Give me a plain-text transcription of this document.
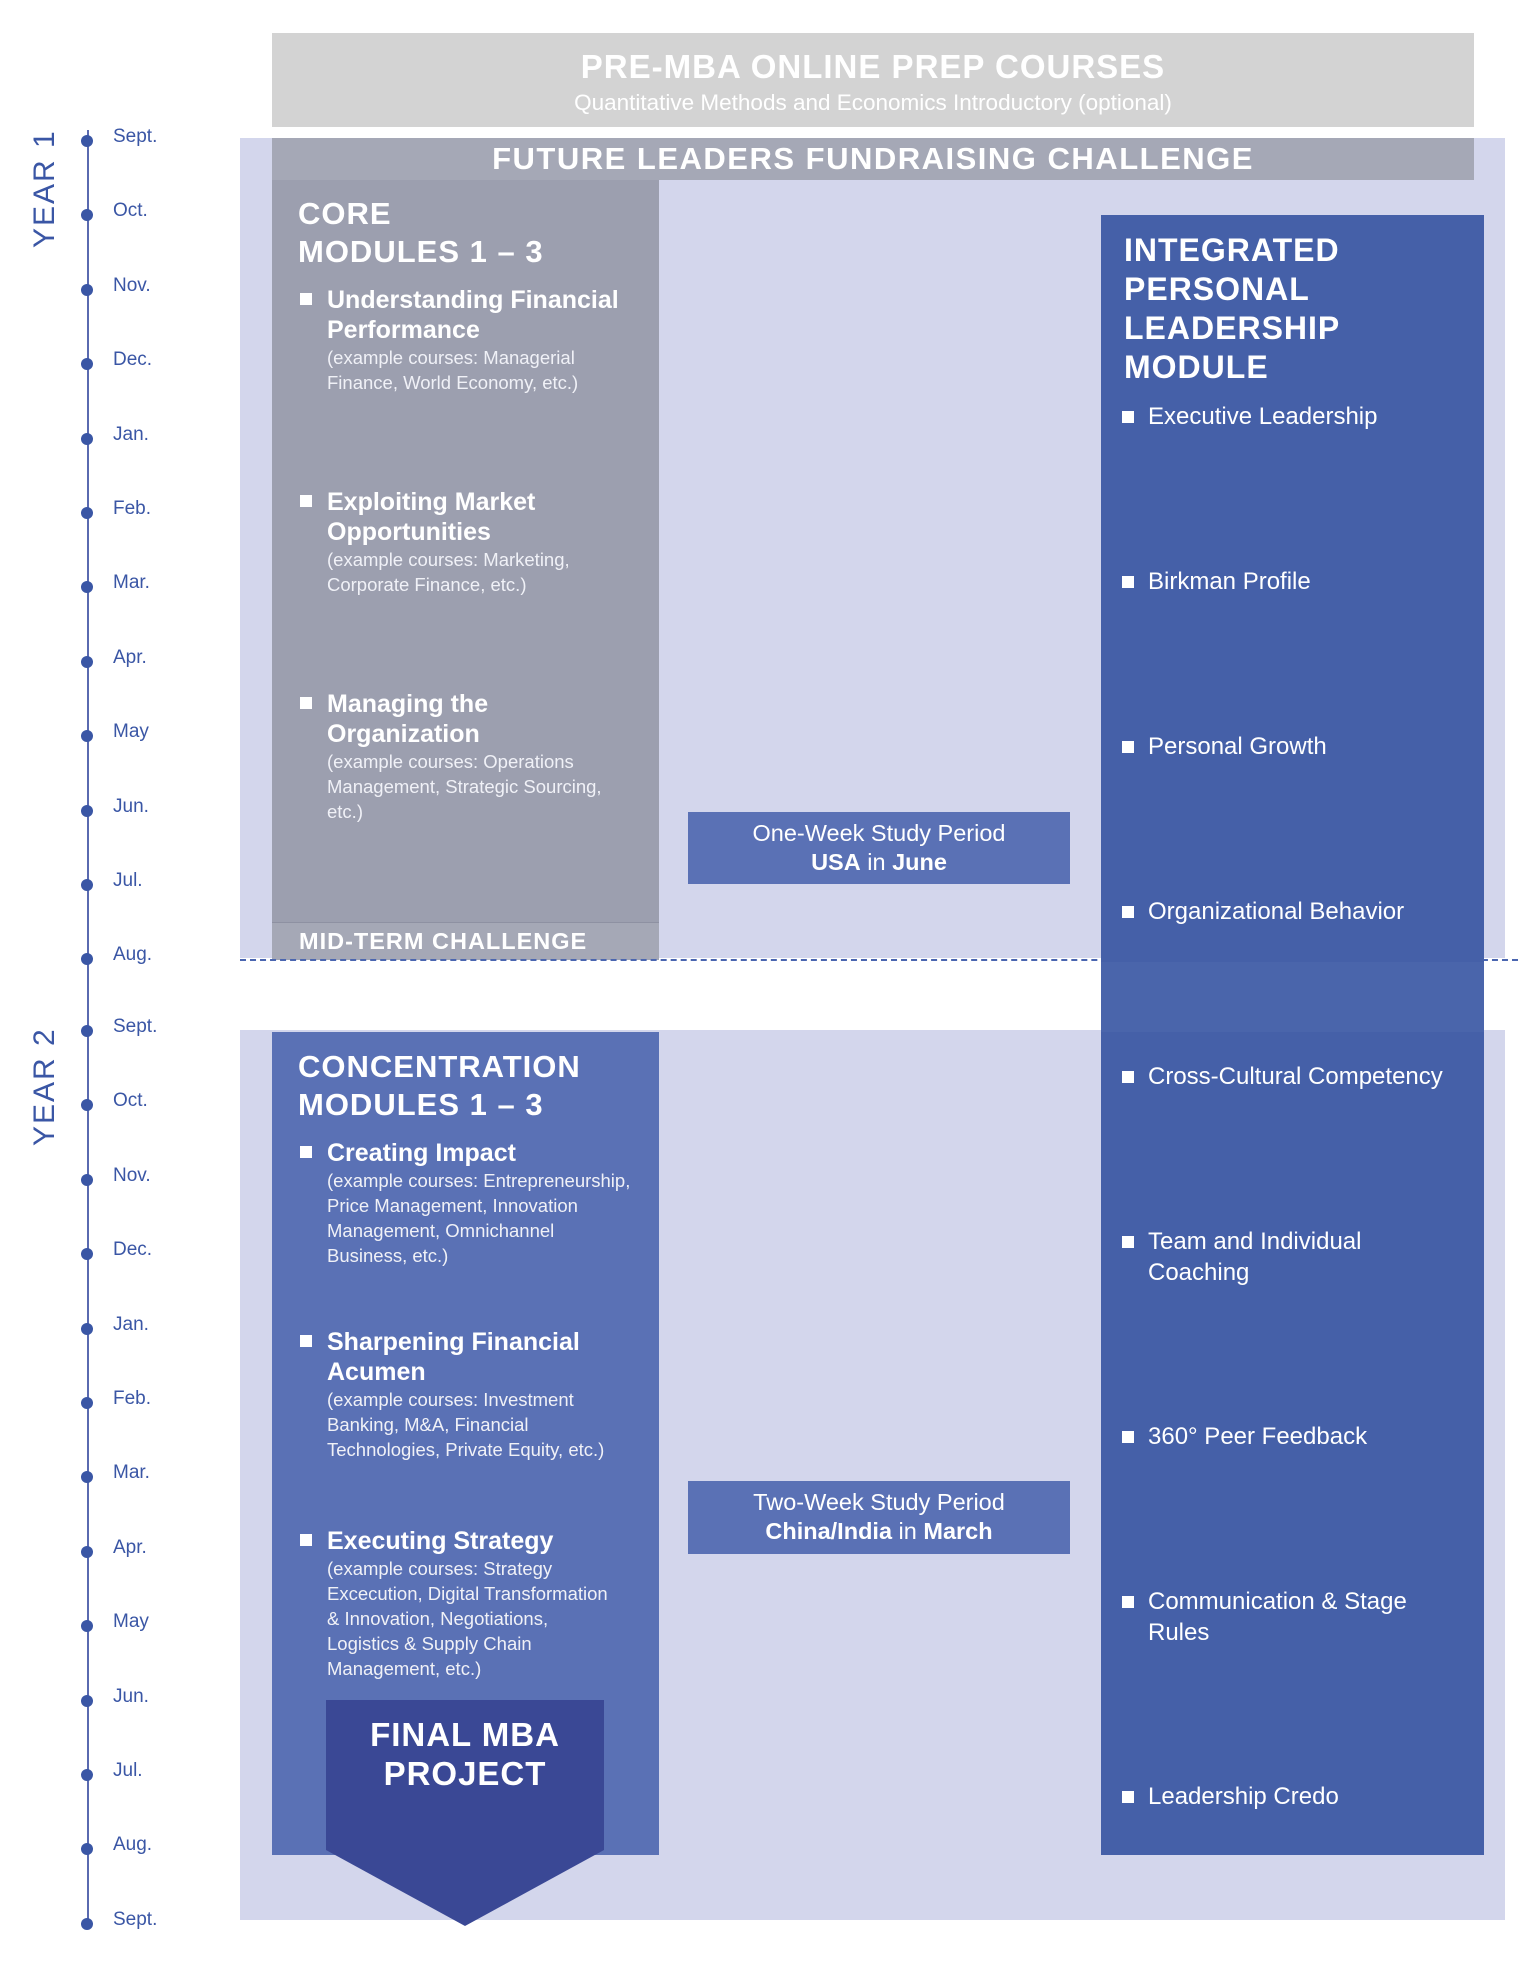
PRE-MBA ONLINE PREP COURSES
Quantitative Methods and Economics Introductory (optional)
FUTURE LEADERS FUNDRAISING CHALLENGE
CORE
MODULES 1 – 3
Understanding Financial
Performance
(example courses: Managerial
Finance, World Economy, etc.)
Exploiting Market
Opportunities
(example courses: Marketing,
Corporate Finance, etc.)
Managing the
Organization
(example courses: Operations
Management, Strategic Sourcing,
etc.)
MID-TERM CHALLENGE
One-Week Study Period
USA in June
Two-Week Study Period
China/India in March
INTEGRATED
PERSONAL
LEADERSHIP
MODULE
Executive Leadership
Birkman Profile
Personal Growth
Organizational Behavior
Cross-Cultural Competency
Team and Individual
Coaching
360° Peer Feedback
Communication & Stage
Rules
Leadership Credo
CONCENTRATION
MODULES 1 – 3
Creating Impact
(example courses: Entrepreneurship,
Price Management, Innovation
Management, Omnichannel
Business, etc.)
Sharpening Financial
Acumen
(example courses: Investment
Banking, M&A, Financial
Technologies, Private Equity, etc.)
Executing Strategy
(example courses: Strategy
Excecution, Digital Transformation
& Innovation, Negotiations,
Logistics & Supply Chain
Management, etc.)
FINAL MBA
PROJECT
YEAR 1
YEAR 2
Sept.
Oct.
Nov.
Dec.
Jan.
Feb.
Mar.
Apr.
May
Jun.
Jul.
Aug.
Sept.
Oct.
Nov.
Dec.
Jan.
Feb.
Mar.
Apr.
May
Jun.
Jul.
Aug.
Sept.
